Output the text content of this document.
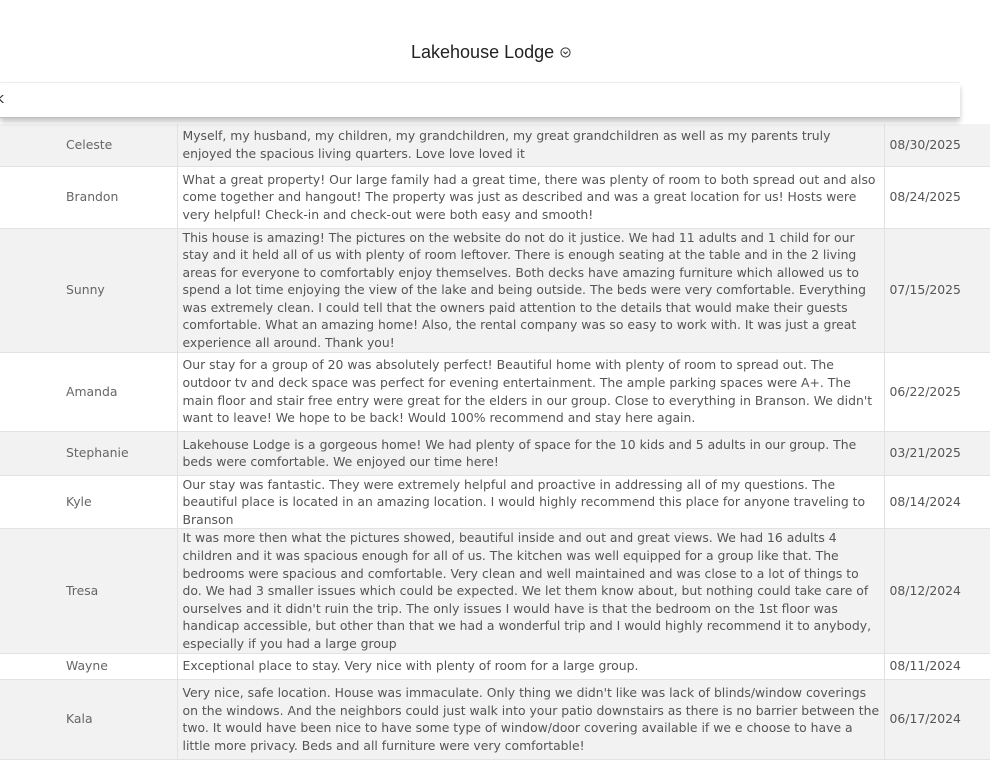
Lakehouse Lodge
k
	Celeste	Myself, my husband, my children, my grandchildren, my great grandchildren as well as my parents truly enjoyed the spacious living quarters. Love love loved it	08/30/2025
	Brandon	What a great property! Our large family had a great time, there was plenty of room to both spread out and also come together and hangout! The property was just as described and was a great location for us! Hosts were very helpful! Check-in and check-out were both easy and smooth!	08/24/2025
	Sunny	This house is amazing! The pictures on the website do not do it justice. We had 11 adults and 1 child for our stay and it held all of us with plenty of room leftover. There is enough seating at the table and in the 2 living areas for everyone to comfortably enjoy themselves. Both decks have amazing furniture which allowed us to spend a lot time enjoying the view of the lake and being outside. The beds were very comfortable. Everything was extremely clean. I could tell that the owners paid attention to the details that would make their guests comfortable. What an amazing home! Also, the rental company was so easy to work with. It was just a great experience all around. Thank you!	07/15/2025
	Amanda	Our stay for a group of 20 was absolutely perfect! Beautiful home with plenty of room to spread out. The outdoor tv and deck space was perfect for evening entertainment. The ample parking spaces were A+. The main floor and stair free entry were great for the elders in our group. Close to everything in Branson. We didn't want to leave! We hope to be back! Would 100% recommend and stay here again.	06/22/2025
	Stephanie	Lakehouse Lodge is a gorgeous home! We had plenty of space for the 10 kids and 5 adults in our group. The beds were comfortable. We enjoyed our time here!	03/21/2025
	Kyle	Our stay was fantastic. They were extremely helpful and proactive in addressing all of my questions. The beautiful place is located in an amazing location. I would highly recommend this place for anyone traveling to Branson	08/14/2024
	Tresa	It was more then what the pictures showed, beautiful inside and out and great views. We had 16 adults 4 children and it was spacious enough for all of us. The kitchen was well equipped for a group like that. The bedrooms were spacious and comfortable. Very clean and well maintained and was close to a lot of things to do. We had 3 smaller issues which could be expected. We let them know about, but nothing could take care of ourselves and it didn't ruin the trip. The only issues I would have is that the bedroom on the 1st floor was handicap accessible, but other than that we had a wonderful trip and I would highly recommend it to anybody, especially if you had a large group	08/12/2024
	Wayne	Exceptional place to stay. Very nice with plenty of room for a large group.	08/11/2024
	Kala	Very nice, safe location. House was immaculate. Only thing we didn't like was lack of blinds/window coverings on the windows. And the neighbors could just walk into your patio downstairs as there is no barrier between the two. It would have been nice to have some type of window/door covering available if we e choose to have a little more privacy. Beds and all furniture were very comfortable!	06/17/2024
